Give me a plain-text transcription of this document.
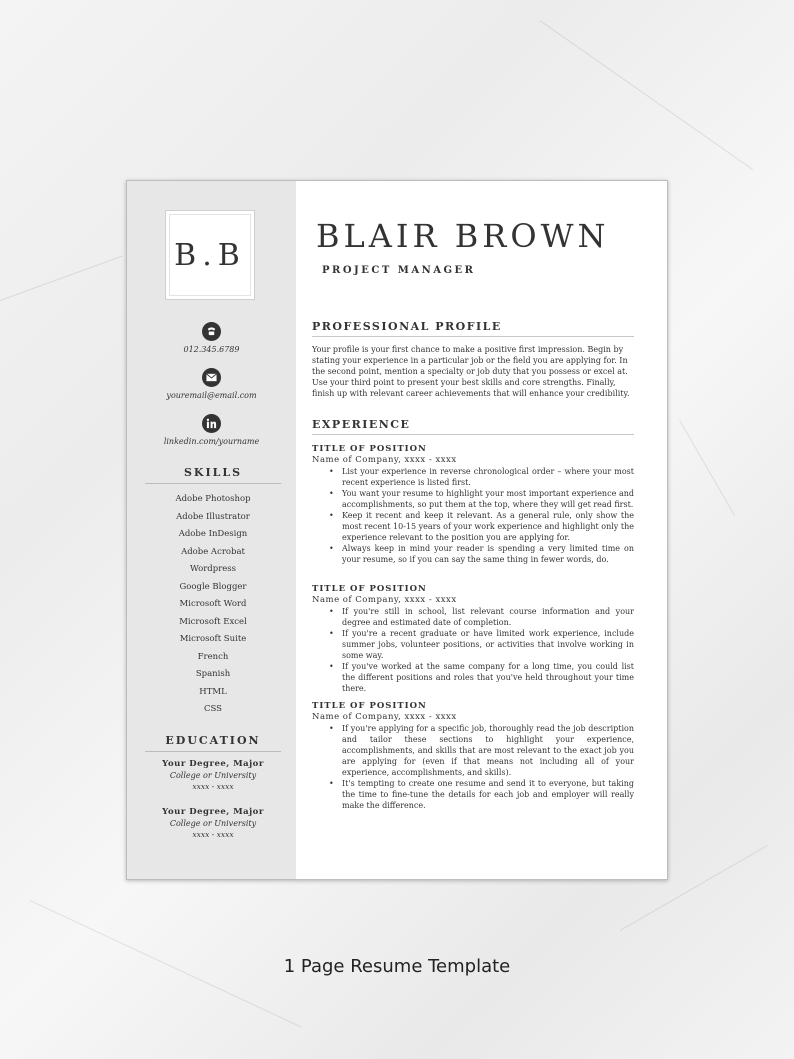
B.B
012.345.6789
youremail@email.com
linkedin.com/yourname
SKILLS
Adobe Photoshop
Adobe Illustrator
Adobe InDesign
Adobe Acrobat
Wordpress
Google Blogger
Microsoft Word
Microsoft Excel
Microsoft Suite
French
Spanish
HTML
CSS
EDUCATION
Your Degree, Major
College or University
xxxx - xxxx
Your Degree, Major
College or University
xxxx - xxxx
BLAIR BROWN
PROJECT MANAGER
PROFESSIONAL PROFILE
Your profile is your first chance to make a positive first impression. Begin by stating your experience in a particular job or the field you are applying for. In the second point, mention a specialty or job duty that you possess or excel at. Use your third point to present your best skills and core strengths. Finally, finish up with relevant career achievements that will enhance your credibility.
EXPERIENCE
TITLE OF POSITION
Name of Company, xxxx - xxxx
• List your experience in reverse chronological order – where your most recent experience is listed first.
• You want your resume to highlight your most important experience and accomplishments, so put them at the top, where they will get read first.
• Keep it recent and keep it relevant. As a general rule, only show the most recent 10-15 years of your work experience and highlight only the experience relevant to the position you are applying for.
• Always keep in mind your reader is spending a very limited time on your resume, so if you can say the same thing in fewer words, do.
TITLE OF POSITION
Name of Company, xxxx - xxxx
• If you're still in school, list relevant course information and your degree and estimated date of completion.
• If you're a recent graduate or have limited work experience, include summer jobs, volunteer positions, or activities that involve working in some way.
• If you've worked at the same company for a long time, you could list the different positions and roles that you've held throughout your time there.
TITLE OF POSITION
Name of Company, xxxx - xxxx
• If you're applying for a specific job, thoroughly read the job description and tailor these sections to highlight your experience, accomplishments, and skills that are most relevant to the exact job you are applying for (even if that means not including all of your experience, accomplishments, and skills).
• It's tempting to create one resume and send it to everyone, but taking the time to fine-tune the details for each job and employer will really make the difference.
1 Page Resume Template
